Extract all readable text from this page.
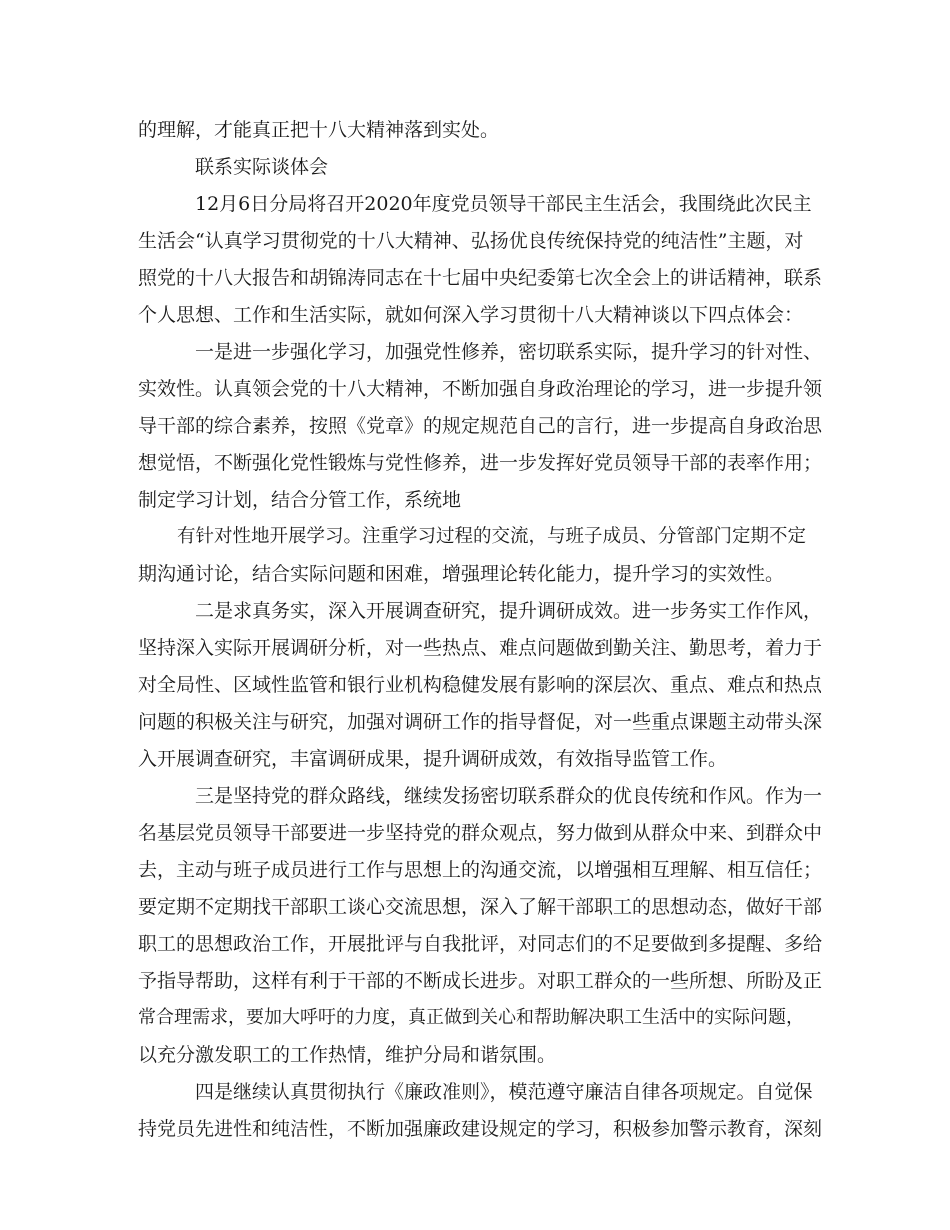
的理解，才能真正把十八大精神落到实处。
联系实际谈体会
12月6日分局将召开2020年度党员领导干部民主生活会，我围绕此次民主
生活会“认真学习贯彻党的十八大精神、弘扬优良传统保持党的纯洁性”主题，对
照党的十八大报告和胡锦涛同志在十七届中央纪委第七次全会上的讲话精神，联系
个人思想、工作和生活实际，就如何深入学习贯彻十八大精神谈以下四点体会：
一是进一步强化学习，加强党性修养，密切联系实际，提升学习的针对性、
实效性。认真领会党的十八大精神，不断加强自身政治理论的学习，进一步提升领
导干部的综合素养，按照《党章》的规定规范自己的言行，进一步提高自身政治思
想觉悟，不断强化党性锻炼与党性修养，进一步发挥好党员领导干部的表率作用；
制定学习计划，结合分管工作，系统地
有针对性地开展学习。注重学习过程的交流，与班子成员、分管部门定期不定
期沟通讨论，结合实际问题和困难，增强理论转化能力，提升学习的实效性。
二是求真务实，深入开展调查研究，提升调研成效。进一步务实工作作风，
坚持深入实际开展调研分析，对一些热点、难点问题做到勤关注、勤思考，着力于
对全局性、区域性监管和银行业机构稳健发展有影响的深层次、重点、难点和热点
问题的积极关注与研究，加强对调研工作的指导督促，对一些重点课题主动带头深
入开展调查研究，丰富调研成果，提升调研成效，有效指导监管工作。
三是坚持党的群众路线，继续发扬密切联系群众的优良传统和作风。作为一
名基层党员领导干部要进一步坚持党的群众观点，努力做到从群众中来、到群众中
去，主动与班子成员进行工作与思想上的沟通交流，以增强相互理解、相互信任；
要定期不定期找干部职工谈心交流思想，深入了解干部职工的思想动态，做好干部
职工的思想政治工作，开展批评与自我批评，对同志们的不足要做到多提醒、多给
予指导帮助，这样有利于干部的不断成长进步。对职工群众的一些所想、所盼及正
常合理需求，要加大呼吁的力度，真正做到关心和帮助解决职工生活中的实际问题，
以充分激发职工的工作热情，维护分局和谐氛围。
四是继续认真贯彻执行《廉政准则》，模范遵守廉洁自律各项规定。自觉保
持党员先进性和纯洁性，不断加强廉政建设规定的学习，积极参加警示教育，深刻
